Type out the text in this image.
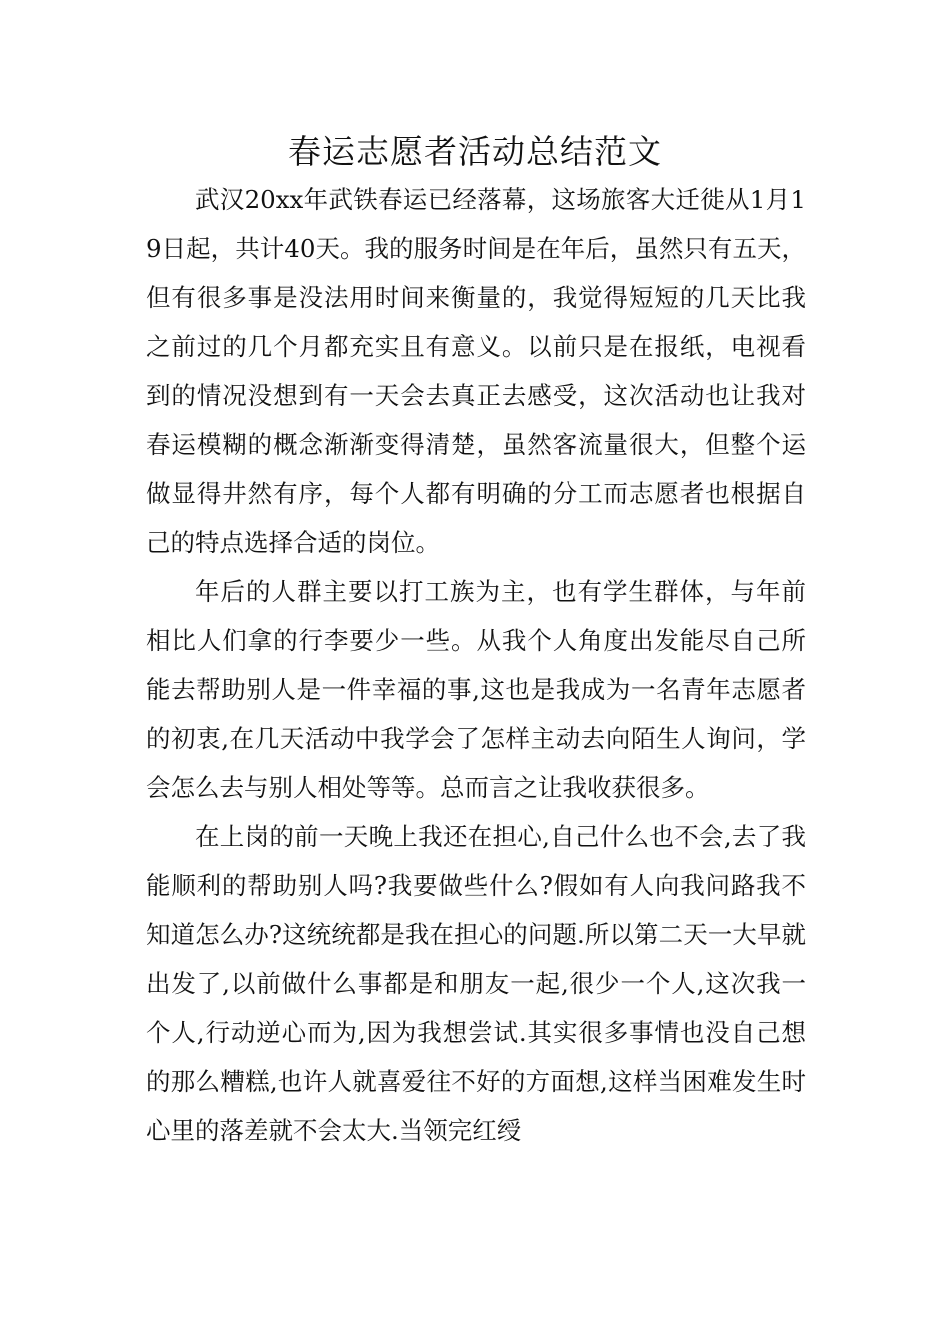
春运志愿者活动总结范文

武汉20xx年武铁春运已经落幕，这场旅客大迁徙从1月19日起，共计40天。我的服务时间是在年后，虽然只有五天，但有很多事是没法用时间来衡量的，我觉得短短的几天比我之前过的几个月都充实且有意义。以前只是在报纸，电视看到的情况没想到有一天会去真正去感受，这次活动也让我对春运模糊的概念渐渐变得清楚，虽然客流量很大，但整个运做显得井然有序，每个人都有明确的分工而志愿者也根据自己的特点选择合适的岗位。

年后的人群主要以打工族为主，也有学生群体，与年前相比人们拿的行李要少一些。从我个人角度出发能尽自己所能去帮助别人是一件幸福的事,这也是我成为一名青年志愿者的初衷,在几天活动中我学会了怎样主动去向陌生人询问，学会怎么去与别人相处等等。总而言之让我收获很多。

在上岗的前一天晚上我还在担心,自己什么也不会,去了我能顺利的帮助别人吗?我要做些什么?假如有人向我问路我不知道怎么办?这统统都是我在担心的问题.所以第二天一大早就出发了,以前做什么事都是和朋友一起,很少一个人,这次我一个人,行动逆心而为,因为我想尝试.其实很多事情也没自己想的那么糟糕,也许人就喜爱往不好的方面想,这样当困难发生时心里的落差就不会太大.当领完红绶
